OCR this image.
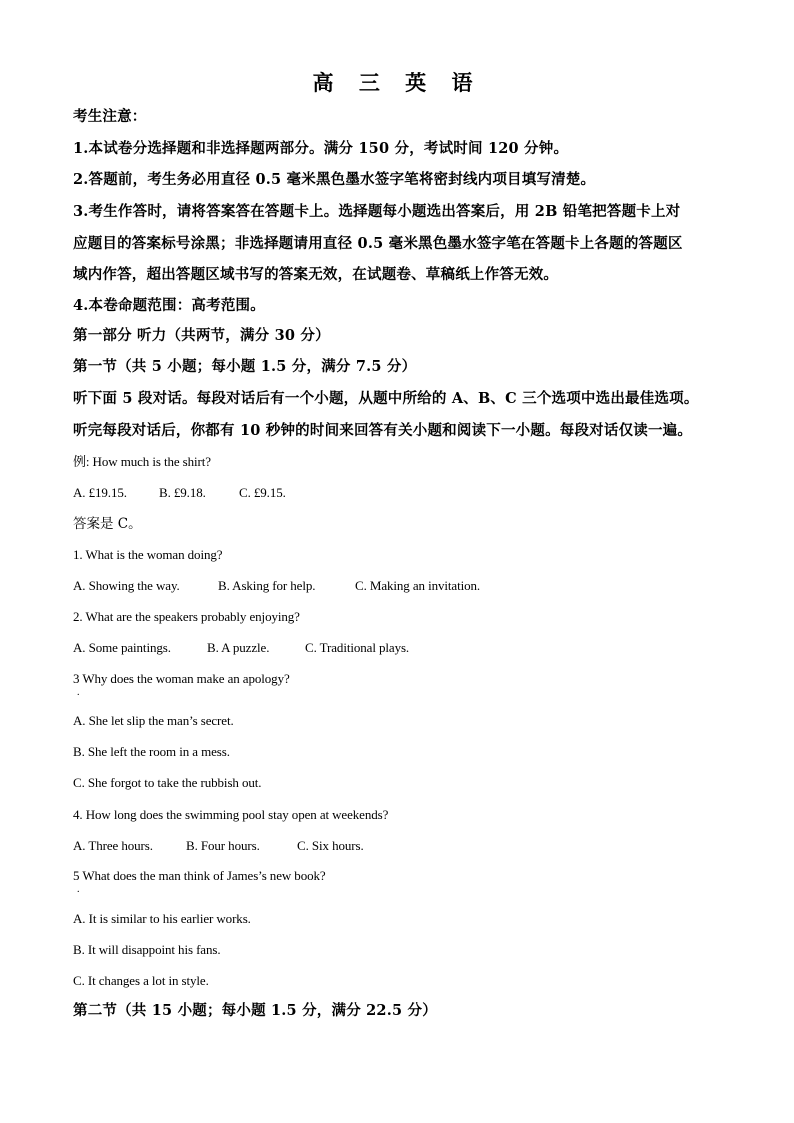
高 三 英 语
考生注意：
1.本试卷分选择题和非选择题两部分。满分 150 分，考试时间 120 分钟。
2.答题前，考生务必用直径 0.5 毫米黑色墨水签字笔将密封线内项目填写清楚。
3.考生作答时，请将答案答在答题卡上。选择题每小题选出答案后，用 2B 铅笔把答题卡上对
应题目的答案标号涂黑；非选择题请用直径 0.5 毫米黑色墨水签字笔在答题卡上各题的答题区
域内作答，超出答题区域书写的答案无效，在试题卷、草稿纸上作答无效。
4.本卷命题范围：高考范围。
第一部分 听力（共两节，满分 30 分）
第一节（共 5 小题；每小题 1.5 分，满分 7.5 分）
听下面 5 段对话。每段对话后有一个小题，从题中所给的 A、B、C 三个选项中选出最佳选项。
听完每段对话后，你都有 10 秒钟的时间来回答有关小题和阅读下一小题。每段对话仅读一遍。
例: How much is the shirt?
A. £19.15. B. £9.18.	C. £9.15.
答案是 C。
1. What is the woman doing?
A. Showing the way.	B. Asking for help.	C. Making an invitation.
2. What are the speakers probably enjoying?
A. Some paintings.	B. A puzzle.	C. Traditional plays.
3 Why does the woman make an apology?
.
A. She let slip the man’s secret.
B. She left the room in a mess.
C. She forgot to take the rubbish out.
4. How long does the swimming pool stay open at weekends?
A. Three hours.	B. Four hours.	C. Six hours.
5 What does the man think of James’s new book?
.
A. It is similar to his earlier works.
B. It will disappoint his fans.
C. It changes a lot in style.
第二节（共 15 小题；每小题 1.5 分，满分 22.5 分）
